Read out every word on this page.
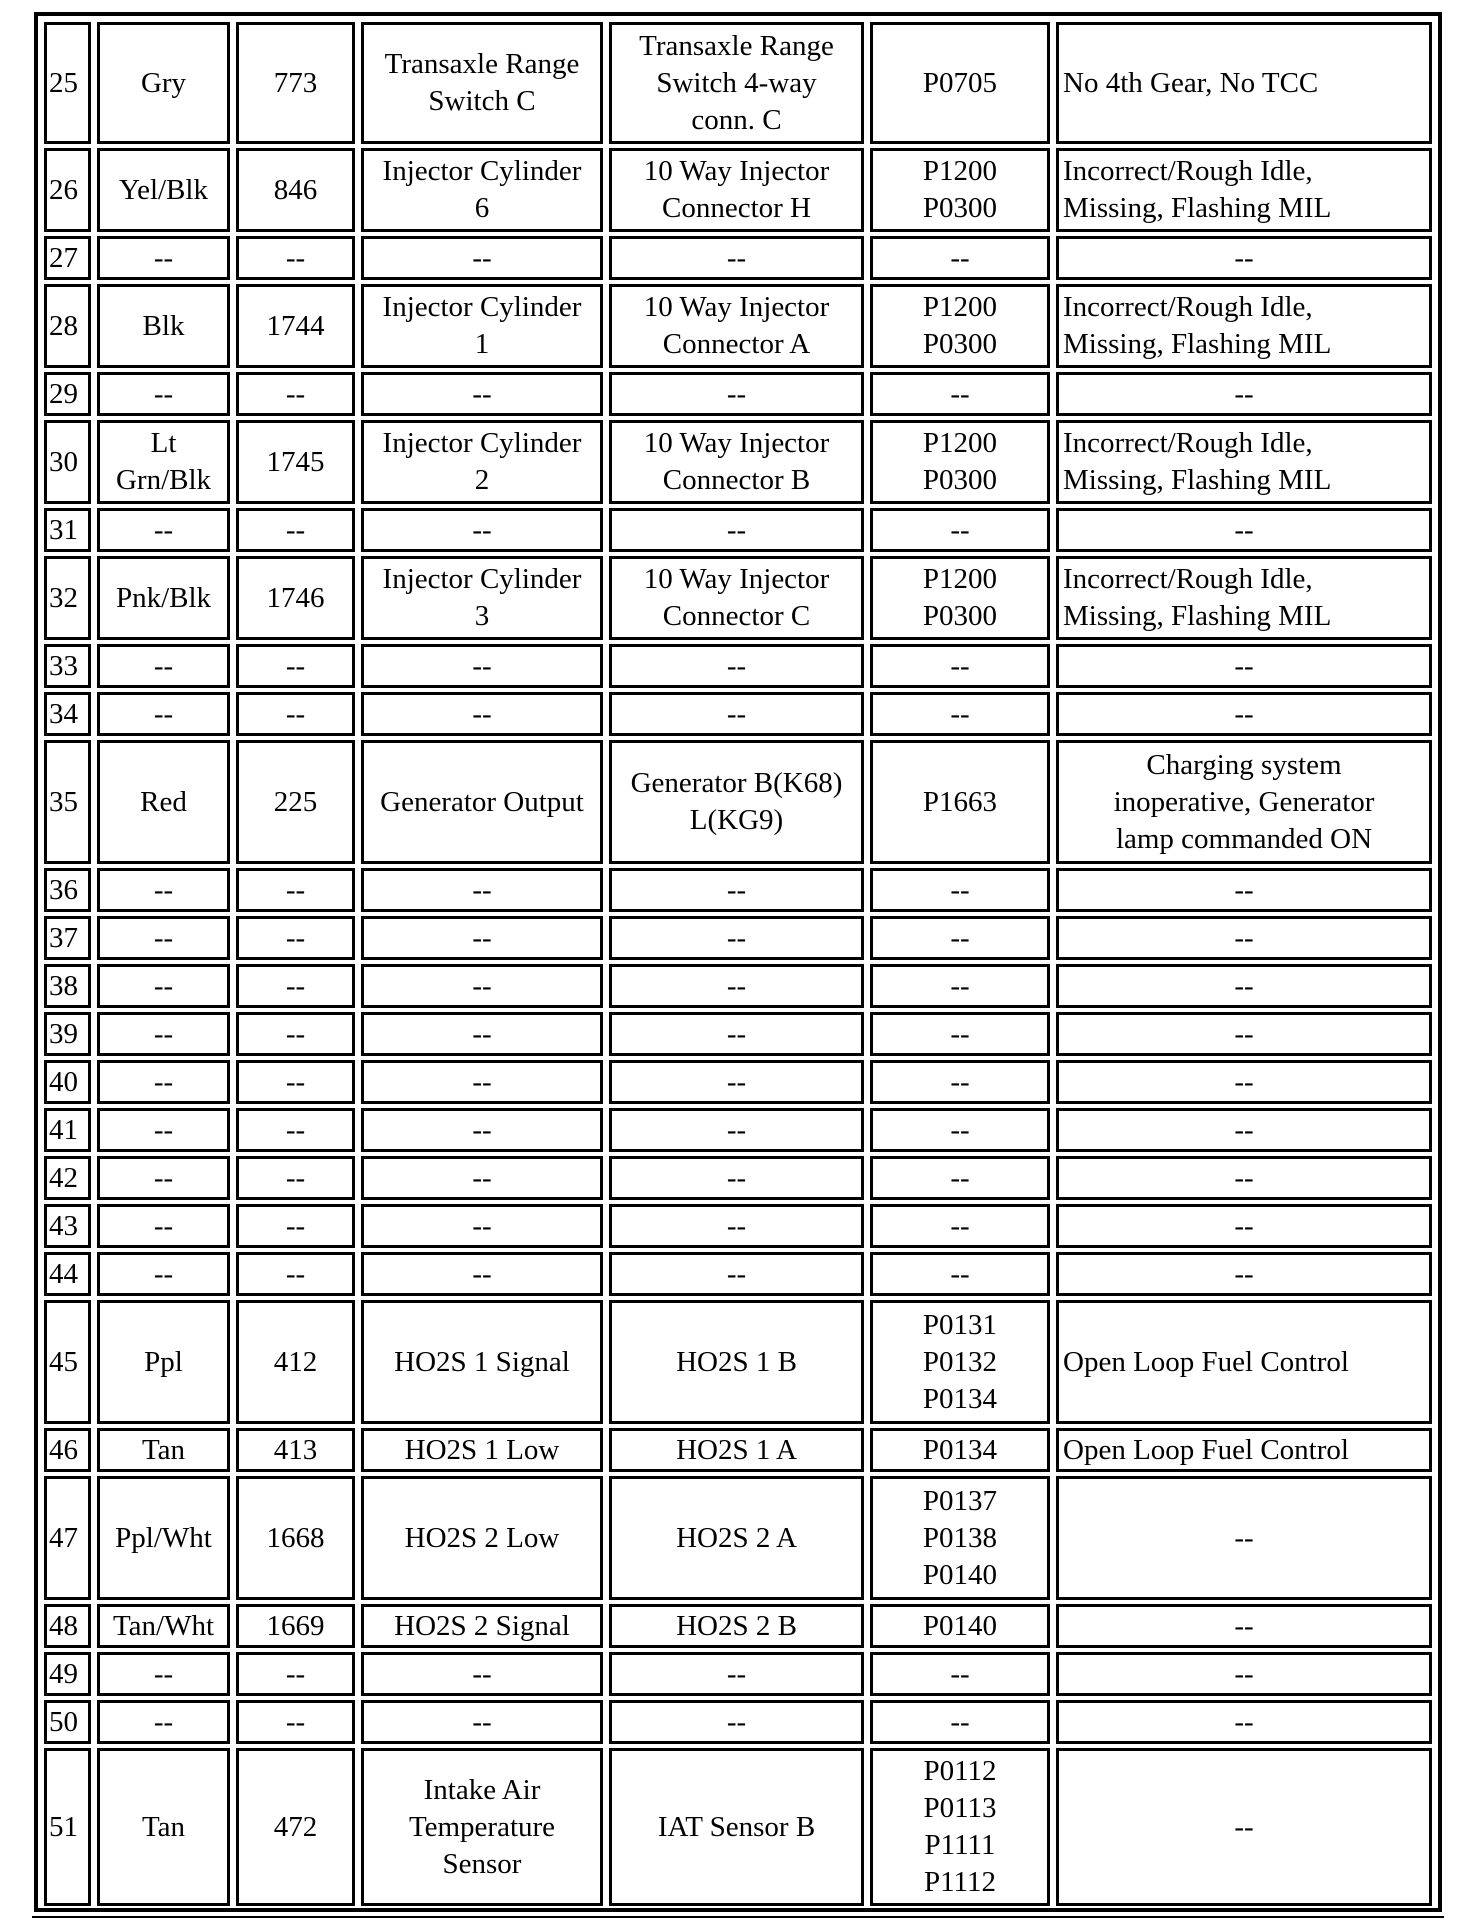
25	Gry	773	Transaxle Range
Switch C	Transaxle Range
Switch 4-way
conn. C	P0705	No 4th Gear, No TCC

26	Yel/Blk	846	Injector Cylinder
6	10 Way Injector
Connector H	P1200
P0300	Incorrect/Rough Idle,
Missing, Flashing MIL

27	--	--	--	--	--	--

28	Blk	1744	Injector Cylinder
1	10 Way Injector
Connector A	P1200
P0300	Incorrect/Rough Idle,
Missing, Flashing MIL

29	--	--	--	--	--	--

30	Lt
Grn/Blk	1745	Injector Cylinder
2	10 Way Injector
Connector B	P1200
P0300	Incorrect/Rough Idle,
Missing, Flashing MIL

31	--	--	--	--	--	--

32	Pnk/Blk	1746	Injector Cylinder
3	10 Way Injector
Connector C	P1200
P0300	Incorrect/Rough Idle,
Missing, Flashing MIL

33	--	--	--	--	--	--

34	--	--	--	--	--	--

35	Red	225	Generator Output	Generator B(K68)
L(KG9)	P1663	Charging system
inoperative, Generator
lamp commanded ON

36	--	--	--	--	--	--

37	--	--	--	--	--	--

38	--	--	--	--	--	--

39	--	--	--	--	--	--

40	--	--	--	--	--	--

41	--	--	--	--	--	--

42	--	--	--	--	--	--

43	--	--	--	--	--	--

44	--	--	--	--	--	--

45	Ppl	412	HO2S 1 Signal	HO2S 1 B	P0131
P0132
P0134	Open Loop Fuel Control

46	Tan	413	HO2S 1 Low	HO2S 1 A	P0134	Open Loop Fuel Control

47	Ppl/Wht	1668	HO2S 2 Low	HO2S 2 A	P0137
P0138
P0140	--

48	Tan/Wht	1669	HO2S 2 Signal	HO2S 2 B	P0140	--

49	--	--	--	--	--	--

50	--	--	--	--	--	--

51	Tan	472	Intake Air
Temperature
Sensor	IAT Sensor B	P0112
P0113
P1111
P1112	--
